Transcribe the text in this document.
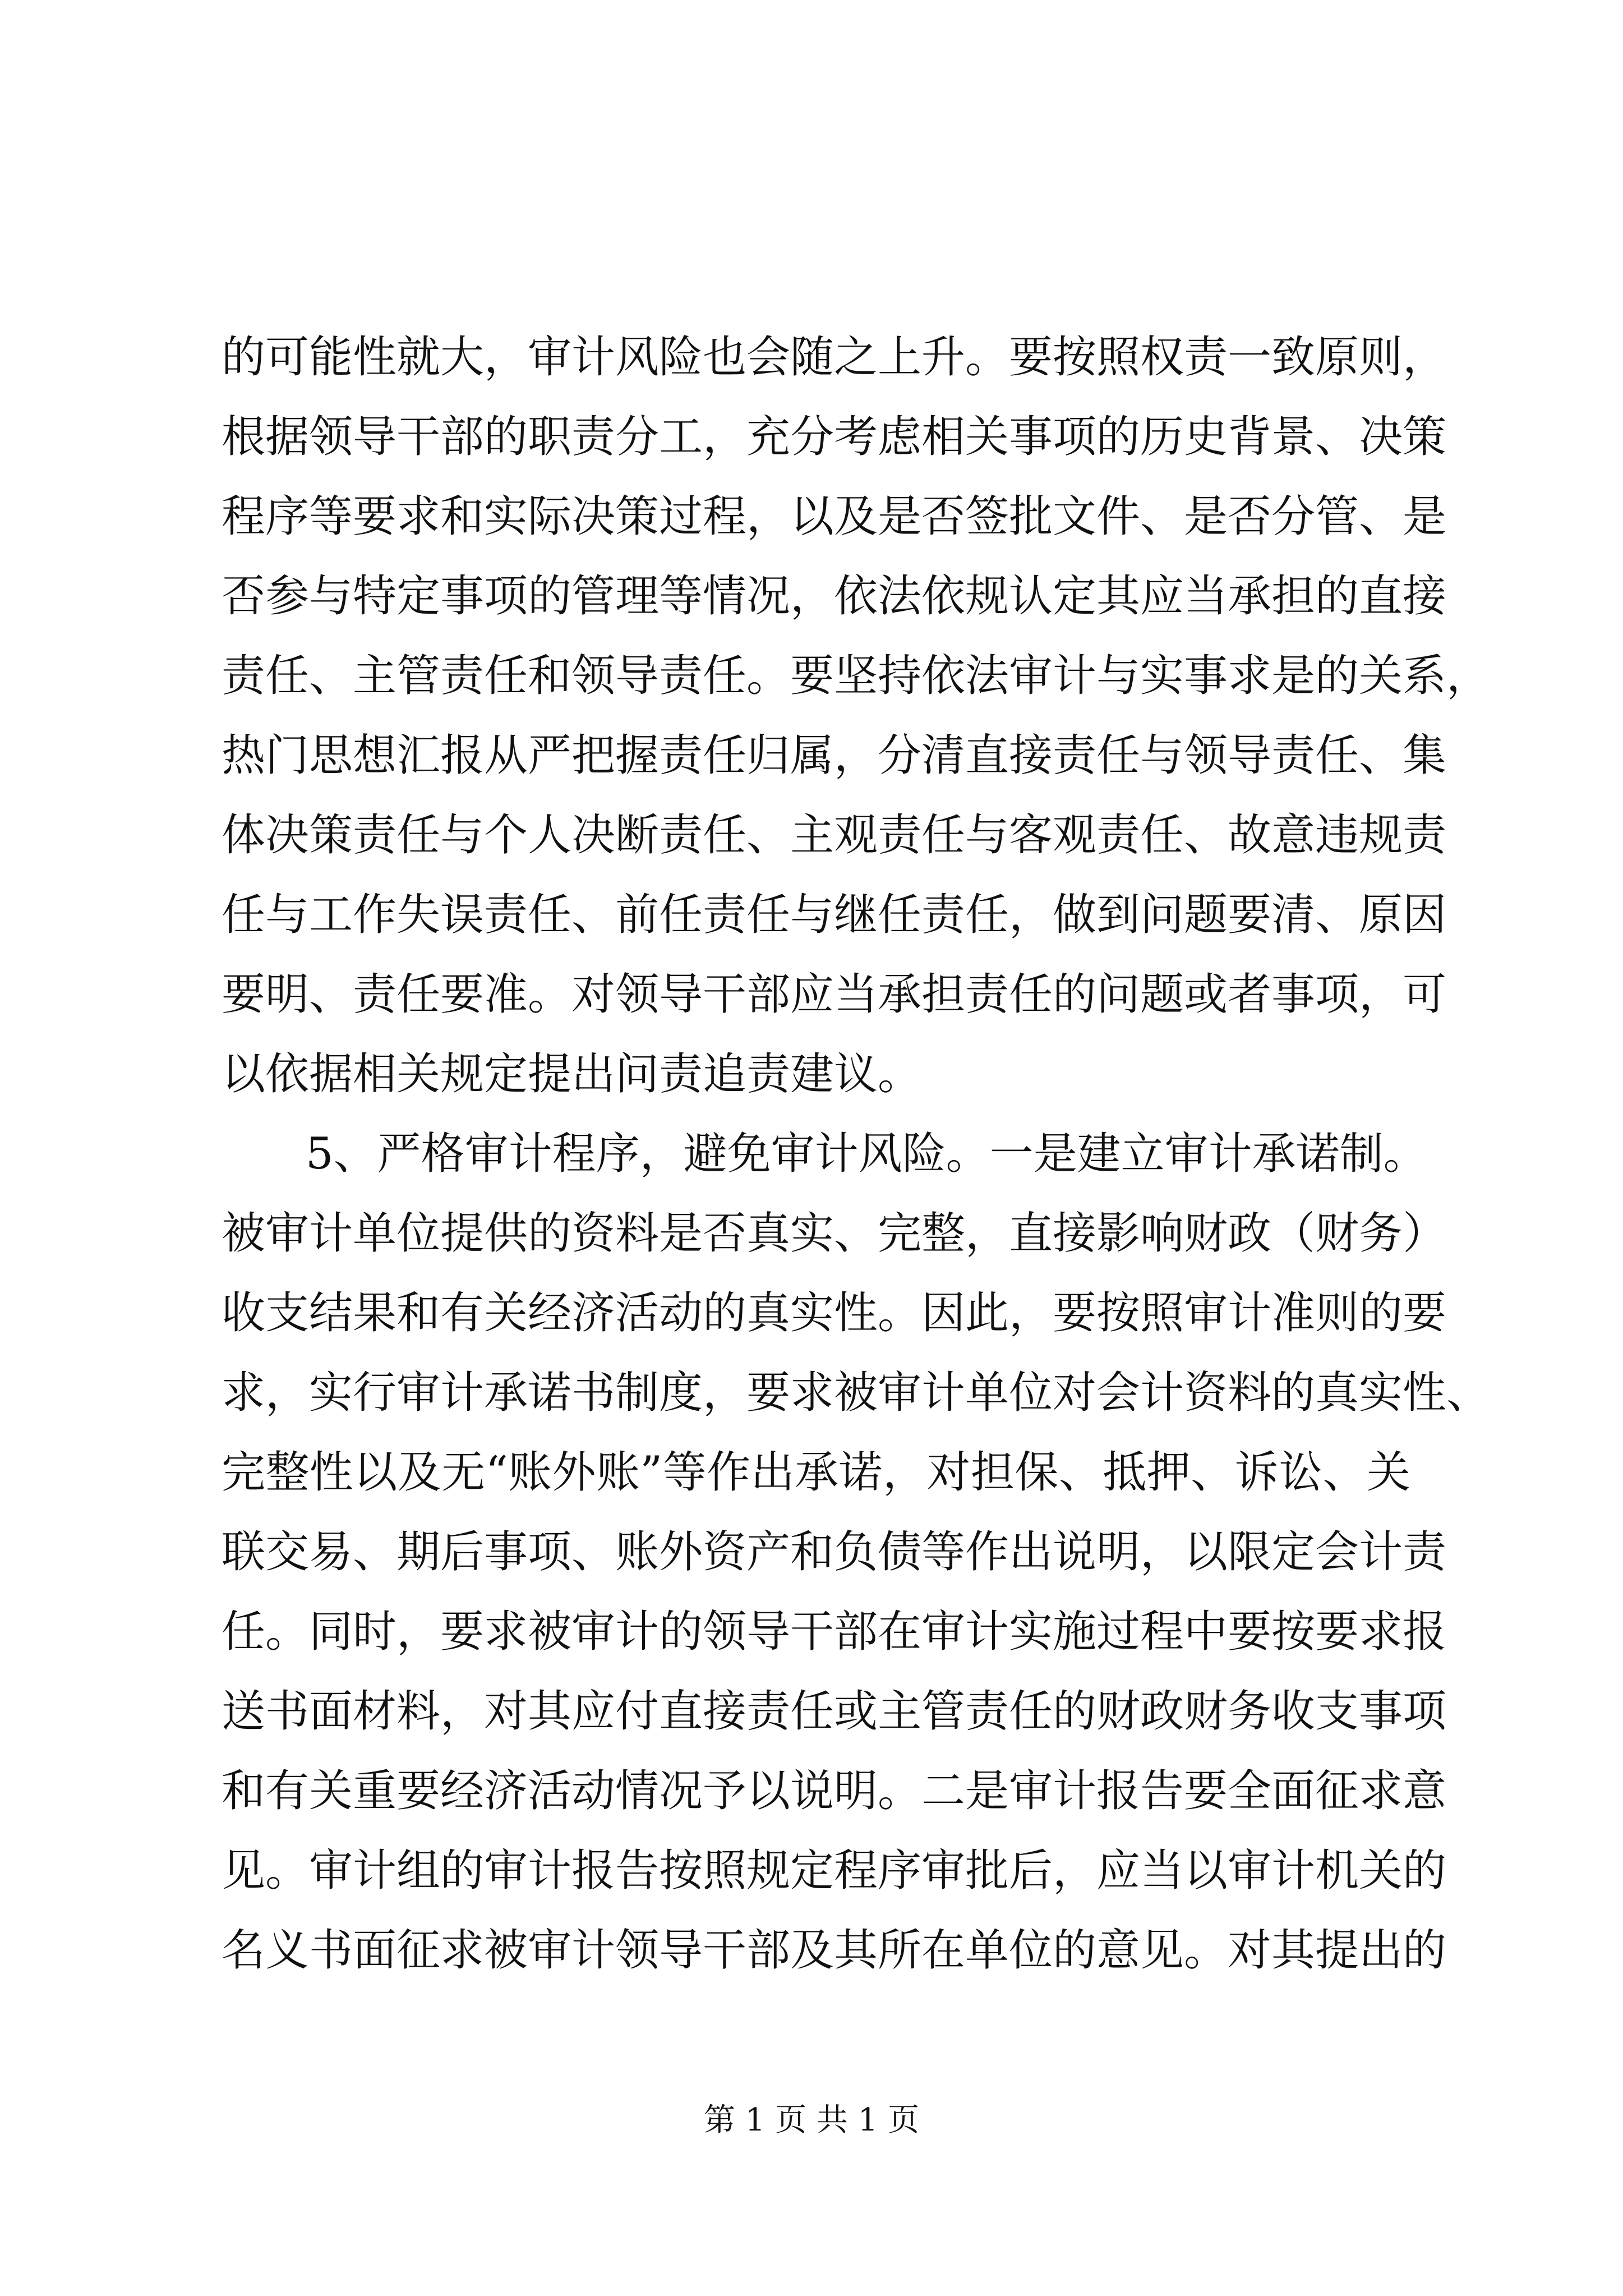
的可能性就大，审计风险也会随之上升。要按照权责一致原则，
根据领导干部的职责分工，充分考虑相关事项的历史背景、决策
程序等要求和实际决策过程，以及是否签批文件、是否分管、是
否参与特定事项的管理等情况，依法依规认定其应当承担的直接
责任、主管责任和领导责任。要坚持依法审计与实事求是的关系，
热门思想汇报从严把握责任归属，分清直接责任与领导责任、集
体决策责任与个人决断责任、主观责任与客观责任、故意违规责
任与工作失误责任、前任责任与继任责任，做到问题要清、原因
要明、责任要准。对领导干部应当承担责任的问题或者事项，可
以依据相关规定提出问责追责建议。
5、严格审计程序，避免审计风险。一是建立审计承诺制。
被审计单位提供的资料是否真实、完整，直接影响财政（财务）
收支结果和有关经济活动的真实性。因此，要按照审计准则的要
求，实行审计承诺书制度，要求被审计单位对会计资料的真实性、
完整性以及无“账外账”等作出承诺，对担保、抵押、诉讼、关
联交易、期后事项、账外资产和负债等作出说明，以限定会计责
任。同时，要求被审计的领导干部在审计实施过程中要按要求报
送书面材料，对其应付直接责任或主管责任的财政财务收支事项
和有关重要经济活动情况予以说明。二是审计报告要全面征求意
见。审计组的审计报告按照规定程序审批后，应当以审计机关的
名义书面征求被审计领导干部及其所在单位的意见。对其提出的
第 1 页 共 1 页
